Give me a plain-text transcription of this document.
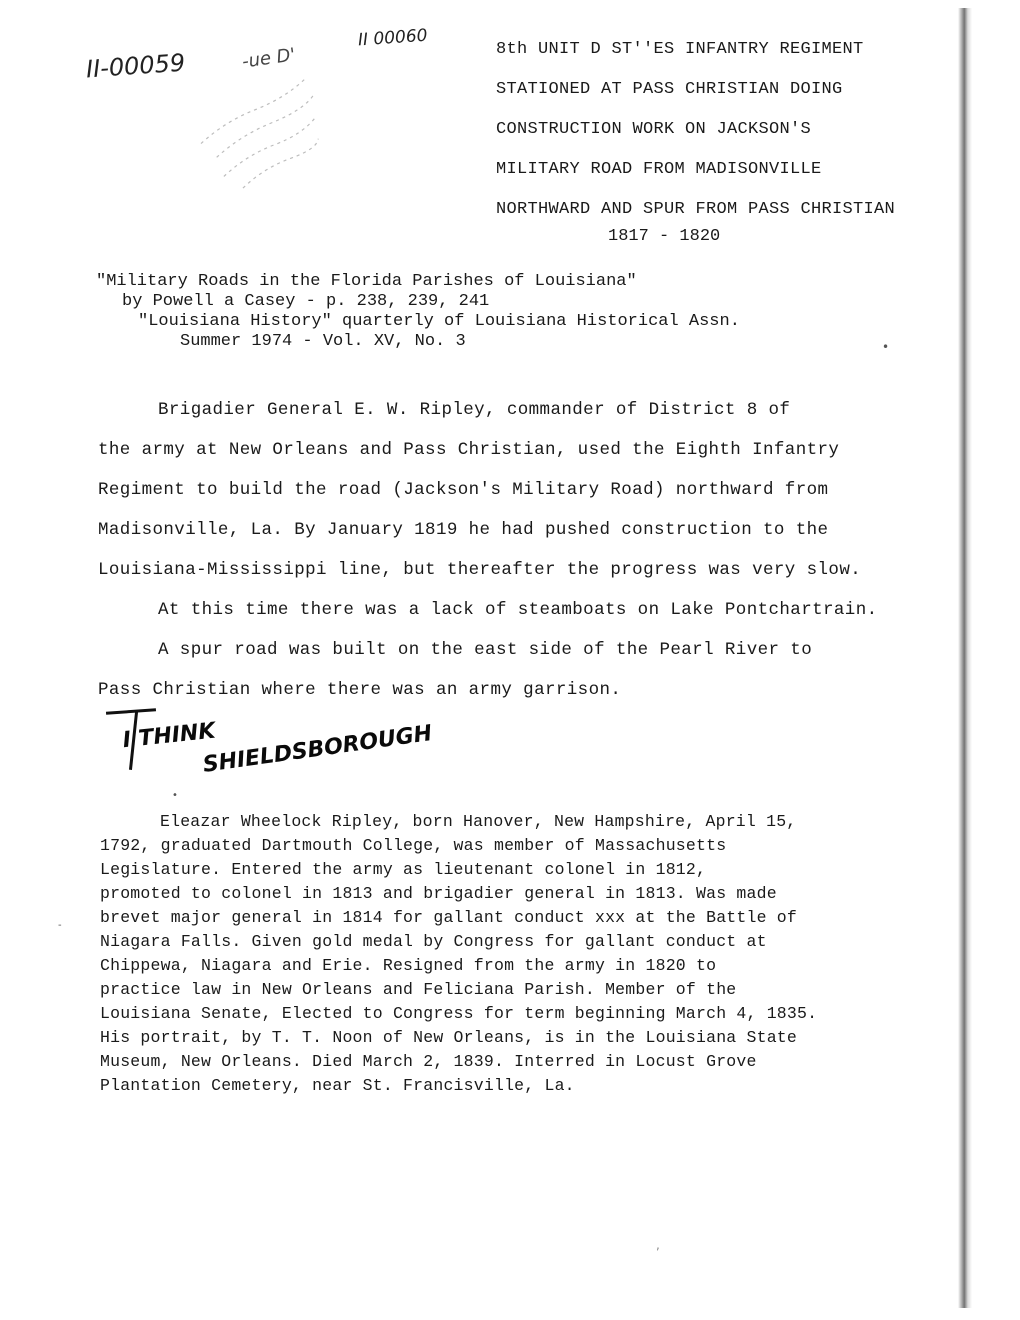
II-00059	-ue D'
II 00060	8th UNIT D ST''ES INFANTRY REGIMENT
STATIONED AT PASS CHRISTIAN DOING
CONSTRUCTION WORK ON JACKSON'S
MILITARY ROAD FROM MADISONVILLE
NORTHWARD AND SPUR FROM PASS CHRISTIAN
1817 - 1820
"Military Roads in the Florida Parishes of Louisiana"
by Powell a Casey - p. 238, 239, 241
"Louisiana History" quarterly of Louisiana Historical Assn.
Summer 1974 - Vol. XV, No. 3	•
Brigadier General E. W. Ripley, commander of District 8 of
the army at New Orleans and Pass Christian, used the Eighth Infantry
Regiment to build the road (Jackson's Military Road) northward from
Madisonville, La. By January 1819 he had pushed construction to the
Louisiana-Mississippi line, but thereafter the progress was very slow.
At this time there was a lack of steamboats on Lake Pontchartrain.
A spur road was built on the east side of the Pearl River to
Pass Christian where there was an army garrison.
I THINK
SHIELDSBOROUGH
•
-
Eleazar Wheelock Ripley, born Hanover, New Hampshire, April 15,
1792, graduated Dartmouth College, was member of Massachusetts
Legislature. Entered the army as lieutenant colonel in 1812,
promoted to colonel in 1813 and brigadier general in 1813. Was made
brevet major general in 1814 for gallant conduct xxx at the Battle of
Niagara Falls. Given gold medal by Congress for gallant conduct at
Chippewa, Niagara and Erie. Resigned from the army in 1820 to
practice law in New Orleans and Feliciana Parish. Member of the
Louisiana Senate, Elected to Congress for term beginning March 4, 1835.
His portrait, by T. T. Noon of New Orleans, is in the Louisiana State
Museum, New Orleans. Died March 2, 1839. Interred in Locust Grove
Plantation Cemetery, near St. Francisville, La.
,
